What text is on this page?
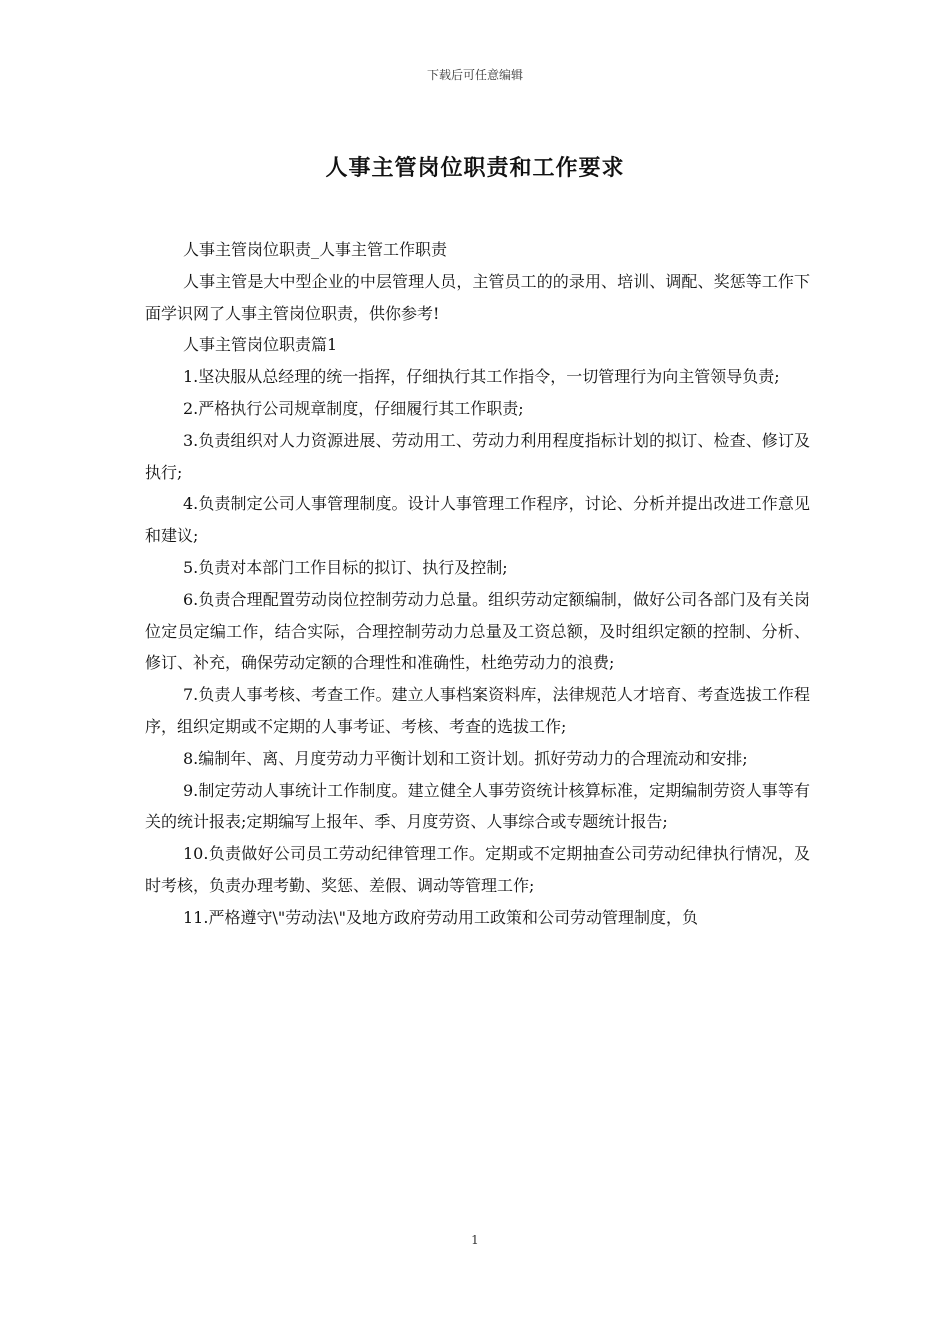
下载后可任意编辑
人事主管岗位职责和工作要求

人事主管岗位职责_人事主管工作职责

人事主管是大中型企业的中层管理人员，主管员工的的录用、培训、调配、奖惩等工作下面学识网了人事主管岗位职责，供你参考!

人事主管岗位职责篇1

1.坚决服从总经理的统一指挥，仔细执行其工作指令，一切管理行为向主管领导负责;

2.严格执行公司规章制度，仔细履行其工作职责;

3.负责组织对人力资源进展、劳动用工、劳动力利用程度指标计划的拟订、检查、修订及执行;

4.负责制定公司人事管理制度。设计人事管理工作程序，讨论、分析并提出改进工作意见和建议;

5.负责对本部门工作目标的拟订、执行及控制;

6.负责合理配置劳动岗位控制劳动力总量。组织劳动定额编制，做好公司各部门及有关岗位定员定编工作，结合实际，合理控制劳动力总量及工资总额，及时组织定额的控制、分析、修订、补充，确保劳动定额的合理性和准确性，杜绝劳动力的浪费;

7.负责人事考核、考查工作。建立人事档案资料库，法律规范人才培育、考查选拔工作程序，组织定期或不定期的人事考证、考核、考查的选拔工作;

8.编制年、离、月度劳动力平衡计划和工资计划。抓好劳动力的合理流动和安排;

9.制定劳动人事统计工作制度。建立健全人事劳资统计核算标准，定期编制劳资人事等有关的统计报表;定期编写上报年、季、月度劳资、人事综合或专题统计报告;

10.负责做好公司员工劳动纪律管理工作。定期或不定期抽查公司劳动纪律执行情况，及时考核，负责办理考勤、奖惩、差假、调动等管理工作;

11.严格遵守\"劳动法\"及地方政府劳动用工政策和公司劳动管理制度，负

1
